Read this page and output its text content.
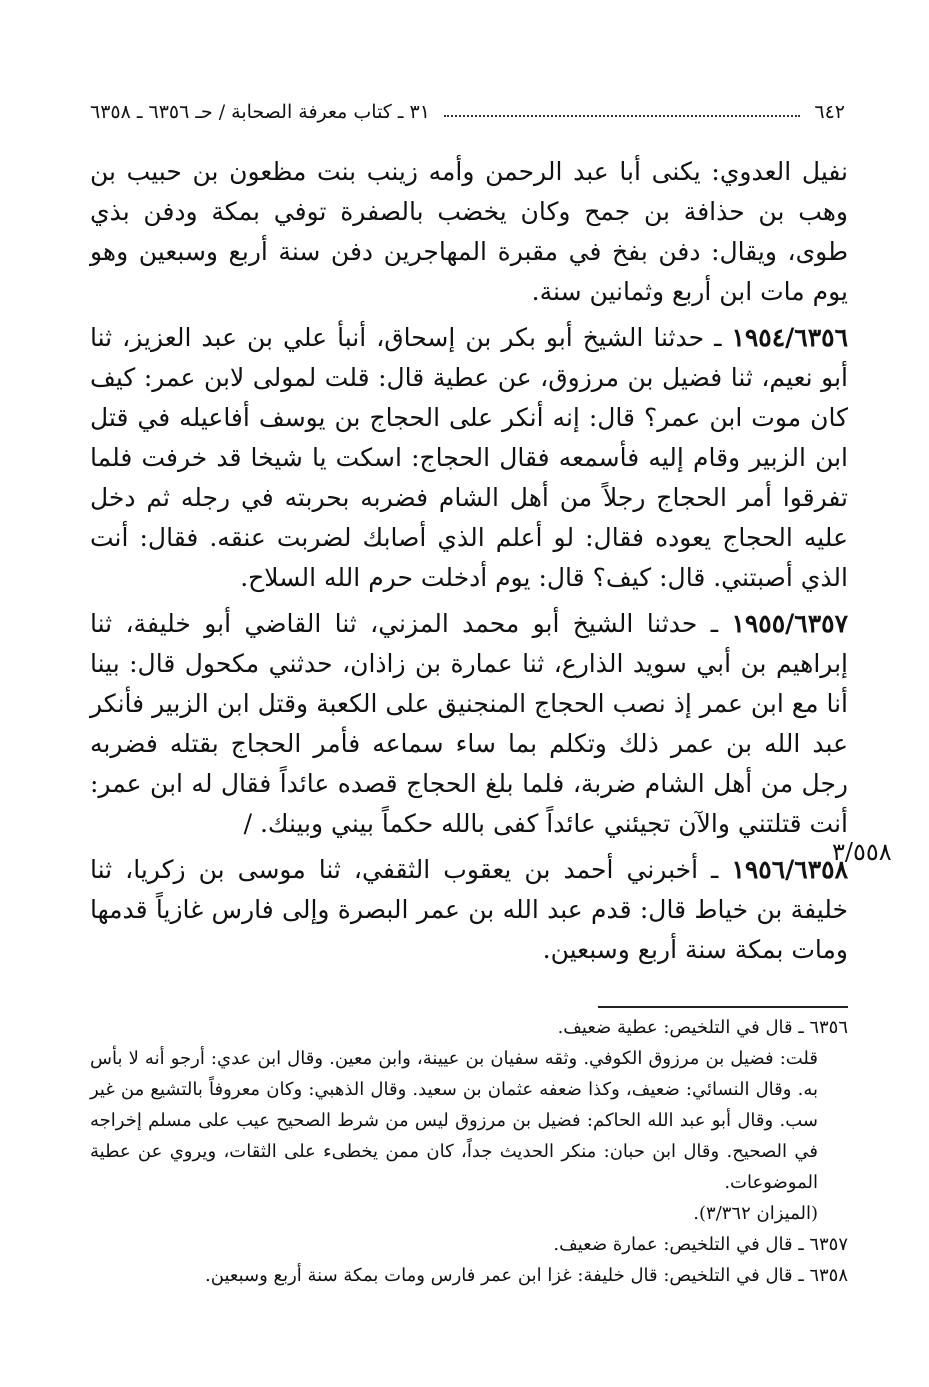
٦٤٢
٣١ ـ كتاب معرفة الصحابة / حـ ٦٣٥٦ ـ ٦٣٥٨

نفيل العدوي: يكنى أبا عبد الرحمن وأمه زينب بنت مظعون بن حبيب بن وهب بن حذافة بن جمح وكان يخضب بالصفرة توفي بمكة ودفن بذي طوى، ويقال: دفن بفخ في مقبرة المهاجرين دفن سنة أربع وسبعين وهو يوم مات ابن أربع وثمانين سنة.

١٩٥٤/٦٣٥٦ ـ حدثنا الشيخ أبو بكر بن إسحاق، أنبأ علي بن عبد العزيز، ثنا أبو نعيم، ثنا فضيل بن مرزوق، عن عطية قال: قلت لمولى لابن عمر: كيف كان موت ابن عمر؟ قال: إنه أنكر على الحجاج بن يوسف أفاعيله في قتل ابن الزبير وقام إليه فأسمعه فقال الحجاج: اسكت يا شيخا قد خرفت فلما تفرقوا أمر الحجاج رجلاً من أهل الشام فضربه بحربته في رجله ثم دخل عليه الحجاج يعوده فقال: لو أعلم الذي أصابك لضربت عنقه. فقال: أنت الذي أصبتني. قال: كيف؟ قال: يوم أدخلت حرم الله السلاح.

١٩٥٥/٦٣٥٧ ـ حدثنا الشيخ أبو محمد المزني، ثنا القاضي أبو خليفة، ثنا إبراهيم بن أبي سويد الذارع، ثنا عمارة بن زاذان، حدثني مكحول قال: بينا أنا مع ابن عمر إذ نصب الحجاج المنجنيق على الكعبة وقتل ابن الزبير فأنكر عبد الله بن عمر ذلك وتكلم بما ساء سماعه فأمر الحجاج بقتله فضربه رجل من أهل الشام ضربة، فلما بلغ الحجاج قصده عائداً فقال له ابن عمر: أنت قتلتني والآن تجيئني عائداً كفى بالله حكماً بيني وبينك. /

١٩٥٦/٦٣٥٨ ـ أخبرني أحمد بن يعقوب الثقفي، ثنا موسى بن زكريا، ثنا خليفة بن خياط قال: قدم عبد الله بن عمر البصرة وإلى فارس غازياً قدمها ومات بمكة سنة أربع وسبعين.

٣/٥٥٨

٦٣٥٦ ـ قال في التلخيص: عطية ضعيف.

قلت: فضيل بن مرزوق الكوفي. وثقه سفيان بن عيينة، وابن معين. وقال ابن عدي: أرجو أنه لا بأس به. وقال النسائي: ضعيف، وكذا ضعفه عثمان بن سعيد. وقال الذهبي: وكان معروفاً بالتشيع من غير سب. وقال أبو عبد الله الحاكم: فضيل بن مرزوق ليس من شرط الصحيح عيب على مسلم إخراجه في الصحيح. وقال ابن حبان: منكر الحديث جداً، كان ممن يخطىء على الثقات، ويروي عن عطية الموضوعات.

(الميزان ٣/٣٦٢).

٦٣٥٧ ـ قال في التلخيص: عمارة ضعيف.

٦٣٥٨ ـ قال في التلخيص: قال خليفة: غزا ابن عمر فارس ومات بمكة سنة أربع وسبعين.
